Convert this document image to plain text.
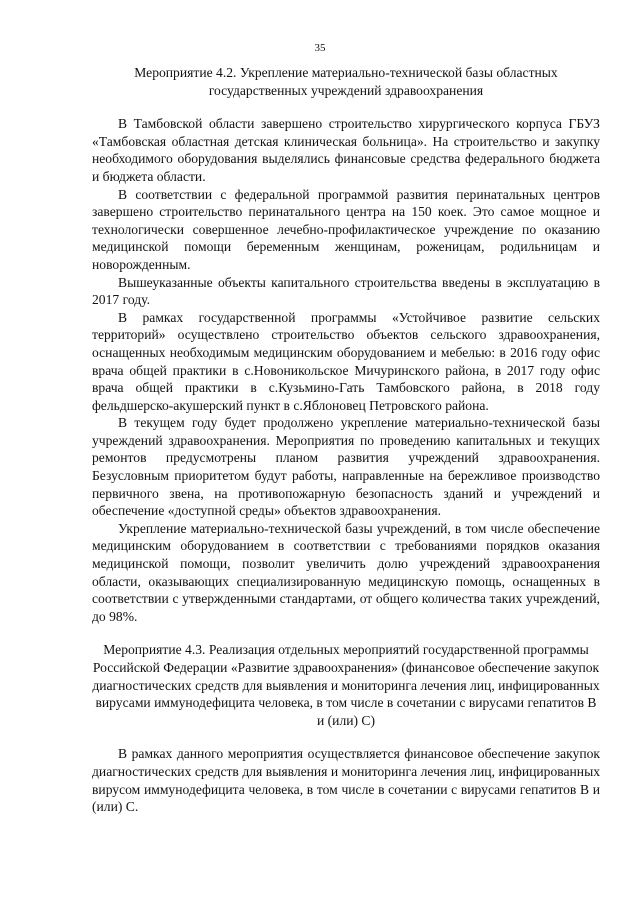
35

Мероприятие 4.2. Укрепление материально-технической базы областных государственных учреждений здравоохранения

В Тамбовской области завершено строительство хирургического корпуса ГБУЗ «Тамбовская областная детская клиническая больница». На строительство и закупку необходимого оборудования выделялись финансовые средства федерального бюджета и бюджета области.

В соответствии с федеральной программой развития перинатальных центров завершено строительство перинатального центра на 150 коек. Это самое мощное и технологически совершенное лечебно-профилактическое учреждение по оказанию медицинской помощи беременным женщинам, роженицам, родильницам и новорожденным.

Вышеуказанные объекты капитального строительства введены в эксплуатацию в 2017 году.

В рамках государственной программы «Устойчивое развитие сельских территорий» осуществлено строительство объектов сельского здравоохранения, оснащенных необходимым медицинским оборудованием и мебелью: в 2016 году офис врача общей практики в с.Новоникольское Мичуринского района, в 2017 году офис врача общей практики в с.Кузьмино-Гать Тамбовского района, в 2018 году фельдшерско-акушерский пункт в с.Яблоновец Петровского района.

В текущем году будет продолжено укрепление материально-технической базы учреждений здравоохранения. Мероприятия по проведению капитальных и текущих ремонтов предусмотрены планом развития учреждений здравоохранения. Безусловным приоритетом будут работы, направленные на бережливое производство первичного звена, на противопожарную безопасность зданий и учреждений и обеспечение «доступной среды» объектов здравоохранения.

Укрепление материально-технической базы учреждений, в том числе обеспечение медицинским оборудованием в соответствии с требованиями порядков оказания медицинской помощи, позволит увеличить долю учреждений здравоохранения области, оказывающих специализированную медицинскую помощь, оснащенных в соответствии с утвержденными стандартами, от общего количества таких учреждений, до 98%.

Мероприятие 4.3. Реализация отдельных мероприятий государственной программы Российской Федерации «Развитие здравоохранения» (финансовое обеспечение закупок диагностических средств для выявления и мониторинга лечения лиц, инфицированных вирусами иммунодефицита человека, в том числе в сочетании с вирусами гепатитов В и (или) С)

В рамках данного мероприятия осуществляется финансовое обеспечение закупок диагностических средств для выявления и мониторинга лечения лиц, инфицированных вирусом иммунодефицита человека, в том числе в сочетании с вирусами гепатитов В и (или) С.
